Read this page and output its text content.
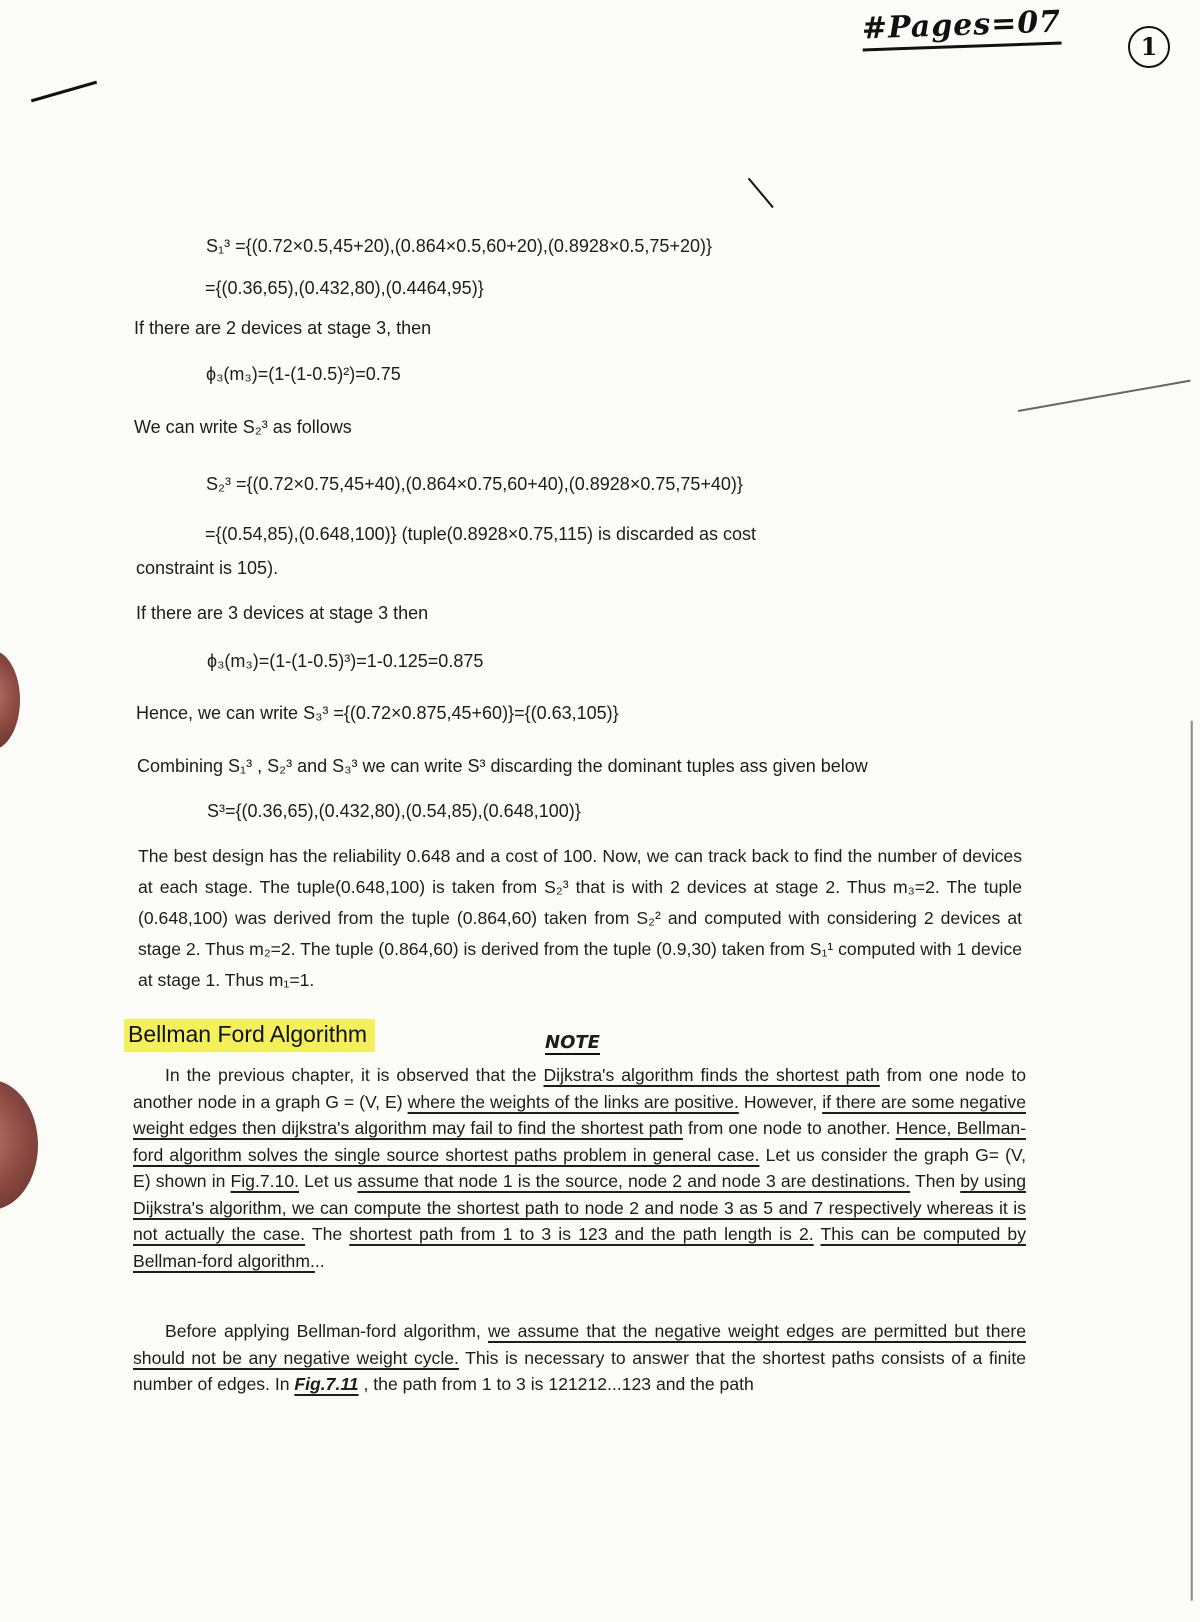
#Pages=07
1
S₁³ ={(0.72×0.5,45+20),(0.864×0.5,60+20),(0.8928×0.5,75+20)}
={(0.36,65),(0.432,80),(0.4464,95)}
If there are 2 devices at stage 3, then
ϕ₃(m₃)=(1-(1-0.5)²)=0.75
We can write S₂³ as follows
S₂³ ={(0.72×0.75,45+40),(0.864×0.75,60+40),(0.8928×0.75,75+40)}
={(0.54,85),(0.648,100)} (tuple(0.8928×0.75,115) is discarded as cost
constraint is 105).
If there are 3 devices at stage 3 then
ϕ₃(m₃)=(1-(1-0.5)³)=1-0.125=0.875
Hence, we can write S₃³ ={(0.72×0.875,45+60)}={(0.63,105)}
Combining S₁³ , S₂³ and S₃³ we can write S³ discarding the dominant tuples ass given below
S³={(0.36,65),(0.432,80),(0.54,85),(0.648,100)}
The best design has the reliability 0.648 and a cost of 100. Now, we can track back to find the number of devices at each stage. The tuple(0.648,100) is taken from S₂³ that is with 2 devices at stage 2. Thus m₃=2. The tuple (0.648,100) was derived from the tuple (0.864,60) taken from S₂² and computed with considering 2 devices at stage 2. Thus m₂=2. The tuple (0.864,60) is derived from the tuple (0.9,30) taken from S₁¹ computed with 1 device at stage 1. Thus m₁=1.
Bellman Ford Algorithm	NOTE
In the previous chapter, it is observed that the Dijkstra's algorithm finds the shortest path from one node to another node in a graph G = (V, E) where the weights of the links are positive. However, if there are some negative weight edges then dijkstra's algorithm may fail to find the shortest path from one node to another. Hence, Bellman-ford algorithm solves the single source shortest paths problem in general case. Let us consider the graph G= (V, E) shown in Fig.7.10. Let us assume that node 1 is the source, node 2 and node 3 are destinations. Then by using Dijkstra's algorithm, we can compute the shortest path to node 2 and node 3 as 5 and 7 respectively whereas it is not actually the case. The shortest path from 1 to 3 is 123 and the path length is 2. This can be computed by Bellman-ford algorithm...
Before applying Bellman-ford algorithm, we assume that the negative weight edges are permitted but there should not be any negative weight cycle. This is necessary to answer that the shortest paths consists of a finite number of edges. In Fig.7.11 , the path from 1 to 3 is 121212...123 and the path
